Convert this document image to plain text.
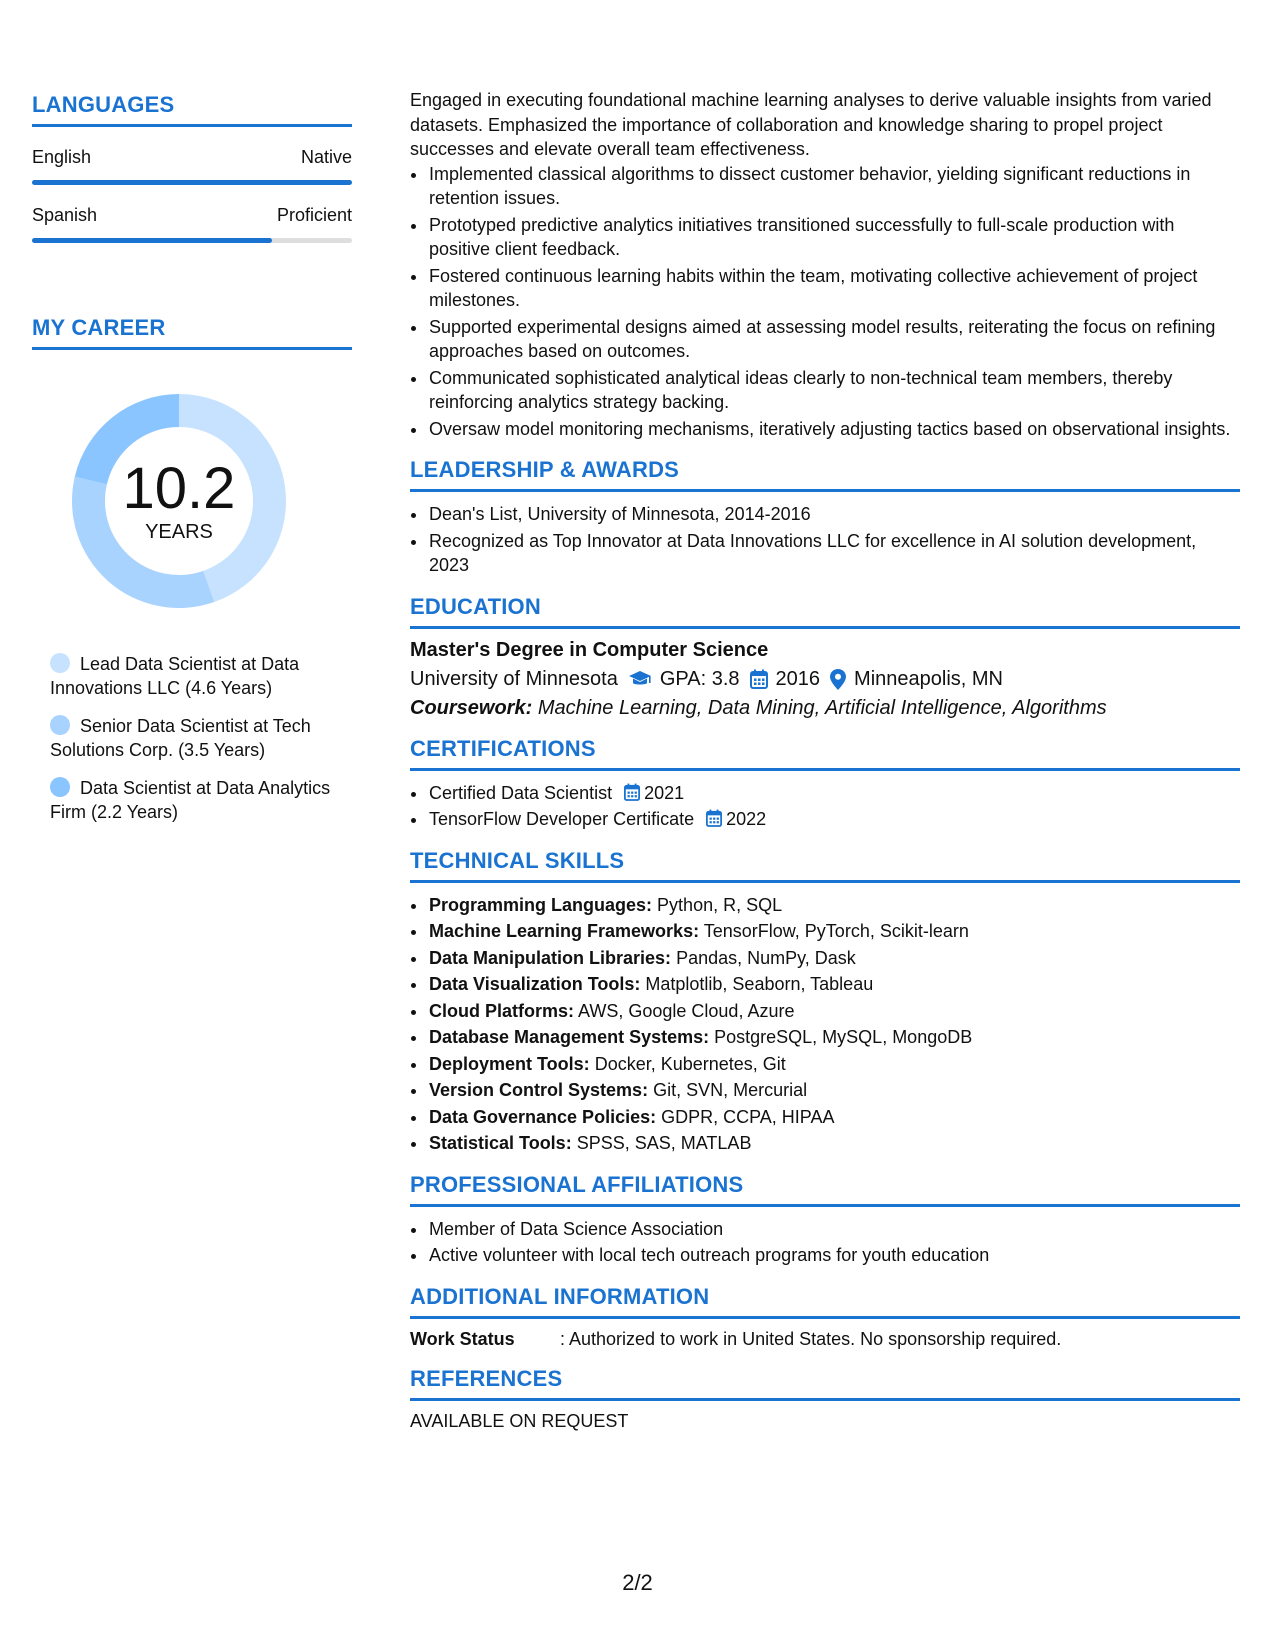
LANGUAGES
English	Native
Spanish	Proficient
MY CAREER
10.2
YEARS
Lead Data Scientist at Data Innovations LLC (4.6 Years)
Senior Data Scientist at Tech Solutions Corp. (3.5 Years)
Data Scientist at Data Analytics Firm (2.2 Years)

Engaged in executing foundational machine learning analyses to derive valuable insights from varied datasets. Emphasized the importance of collaboration and knowledge sharing to propel project successes and elevate overall team effectiveness.

• Implemented classical algorithms to dissect customer behavior, yielding significant reductions in retention issues.
• Prototyped predictive analytics initiatives transitioned successfully to full-scale production with positive client feedback.
• Fostered continuous learning habits within the team, motivating collective achievement of project milestones.
• Supported experimental designs aimed at assessing model results, reiterating the focus on refining approaches based on outcomes.
• Communicated sophisticated analytical ideas clearly to non-technical team members, thereby reinforcing analytics strategy backing.
• Oversaw model monitoring mechanisms, iteratively adjusting tactics based on observational insights.
LEADERSHIP & AWARDS
• Dean's List, University of Minnesota, 2014-2016
• Recognized as Top Innovator at Data Innovations LLC for excellence in AI solution development, 2023
EDUCATION
Master's Degree in Computer Science
University of Minnesota GPA: 3.8 2016 Minneapolis, MN
Coursework: Machine Learning, Data Mining, Artificial Intelligence, Algorithms
CERTIFICATIONS
• Certified Data Scientist 2021
• TensorFlow Developer Certificate 2022
TECHNICAL SKILLS
• Programming Languages: Python, R, SQL
• Machine Learning Frameworks: TensorFlow, PyTorch, Scikit-learn
• Data Manipulation Libraries: Pandas, NumPy, Dask
• Data Visualization Tools: Matplotlib, Seaborn, Tableau
• Cloud Platforms: AWS, Google Cloud, Azure
• Database Management Systems: PostgreSQL, MySQL, MongoDB
• Deployment Tools: Docker, Kubernetes, Git
• Version Control Systems: Git, SVN, Mercurial
• Data Governance Policies: GDPR, CCPA, HIPAA
• Statistical Tools: SPSS, SAS, MATLAB
PROFESSIONAL AFFILIATIONS
• Member of Data Science Association
• Active volunteer with local tech outreach programs for youth education
ADDITIONAL INFORMATION
Work Status	: Authorized to work in United States. No sponsorship required.
REFERENCES
AVAILABLE ON REQUEST
2/2
